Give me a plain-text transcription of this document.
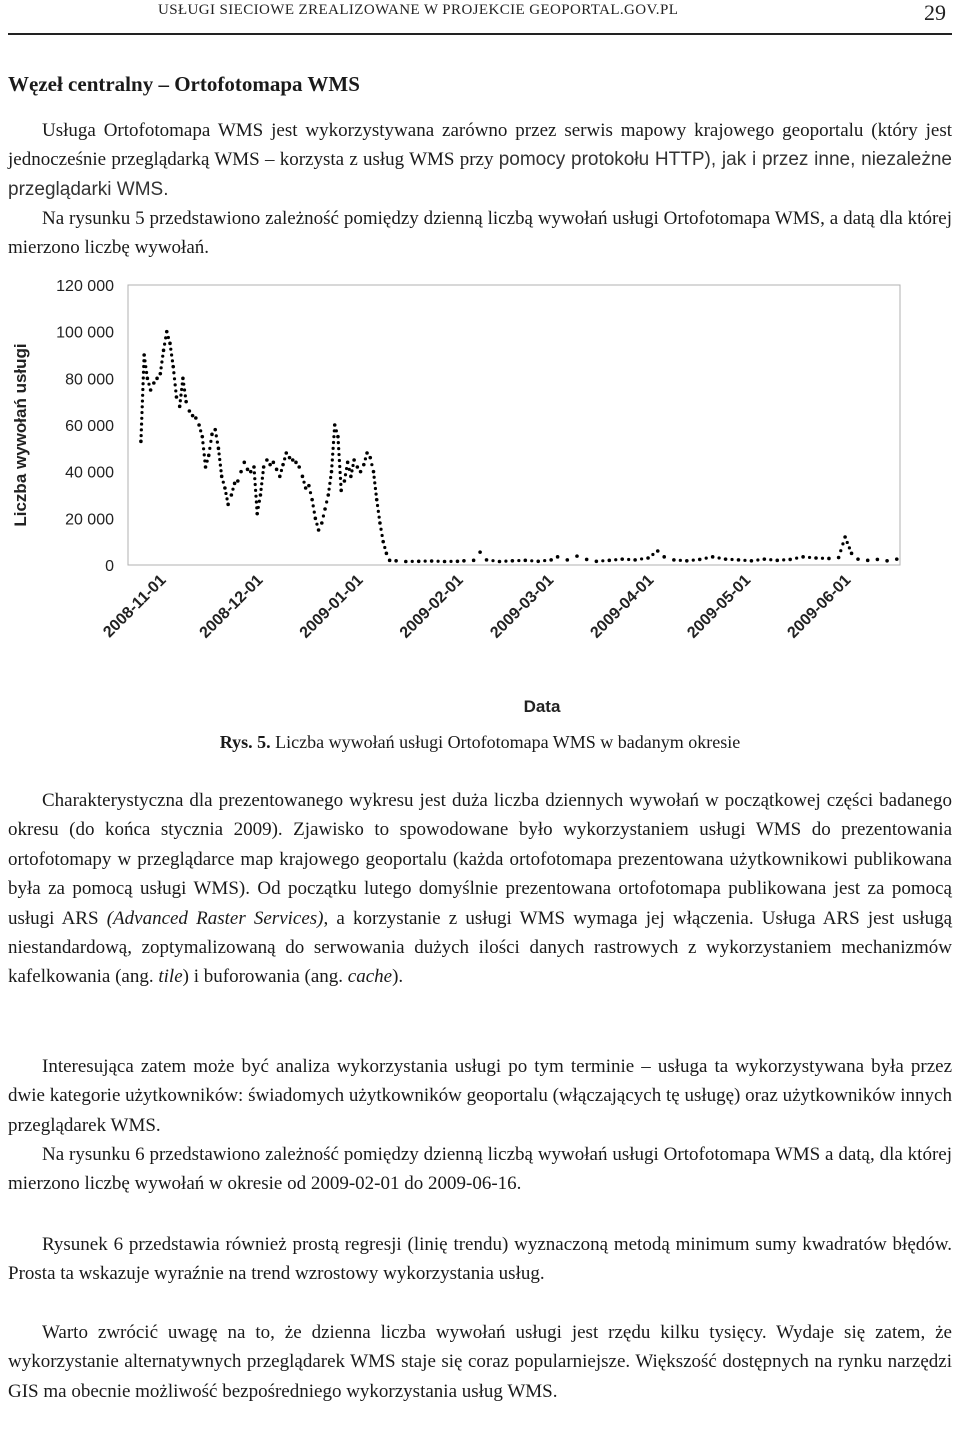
USŁUGI SIECIOWE ZREALIZOWANE W PROJEKCIE GEOPORTAL.GOV.PL	29
Węzeł centralny – Ortofotomapa WMS

Usługa Ortofotomapa WMS jest wykorzystywana zarówno przez serwis mapowy krajowego geoportalu (który jest jednocześnie przeglądarką WMS – korzysta z usług WMS przy pomocy protokołu HTTP), jak i przez inne, niezależne przeglądarki WMS.

Na rysunku 5 przedstawiono zależność pomiędzy dzienną liczbą wywołań usługi Ortofotomapa WMS, a datą dla której mierzono liczbę wywołań.

0
20 000
40 000
60 000
80 000
100 000
120 000
2008-11-01 2008-12-01 2009-01-01 2009-02-01 2009-03-01 2009-04-01 2009-05-01 2009-06-01
Liczba wywołań usługi
Data
Rys. 5. Liczba wywołań usługi Ortofotomapa WMS w badanym okresie

Charakterystyczna dla prezentowanego wykresu jest duża liczba dziennych wywołań w początkowej części badanego okresu (do końca stycznia 2009). Zjawisko to spowodowane było wykorzystaniem usługi WMS do prezentowania ortofotomapy w przeglądarce map krajowego geoportalu (każda ortofotomapa prezentowana użytkownikowi publikowana była za pomocą usługi WMS). Od początku lutego domyślnie prezentowana ortofotomapa publikowana jest za pomocą usługi ARS (Advanced Raster Services), a korzystanie z usługi WMS wymaga jej włączenia. Usługa ARS jest usługą niestandardową, zoptymalizowaną do serwowania dużych ilości danych rastrowych z wykorzystaniem mechanizmów kafelkowania (ang. tile) i buforowania (ang. cache).

Interesująca zatem może być analiza wykorzystania usługi po tym terminie – usługa ta wykorzystywana była przez dwie kategorie użytkowników: świadomych użytkowników geoportalu (włączających tę usługę) oraz użytkowników innych przeglądarek WMS.

Na rysunku 6 przedstawiono zależność pomiędzy dzienną liczbą wywołań usługi Ortofotomapa WMS a datą, dla której mierzono liczbę wywołań w okresie od 2009-02-01 do 2009-06-16.

Rysunek 6 przedstawia również prostą regresji (linię trendu) wyznaczoną metodą minimum sumy kwadratów błędów. Prosta ta wskazuje wyraźnie na trend wzrostowy wykorzystania usług.

Warto zwrócić uwagę na to, że dzienna liczba wywołań usługi jest rzędu kilku tysięcy. Wydaje się zatem, że wykorzystanie alternatywnych przeglądarek WMS staje się coraz popularniejsze. Większość dostępnych na rynku narzędzi GIS ma obecnie możliwość bezpośredniego wykorzystania usług WMS.
